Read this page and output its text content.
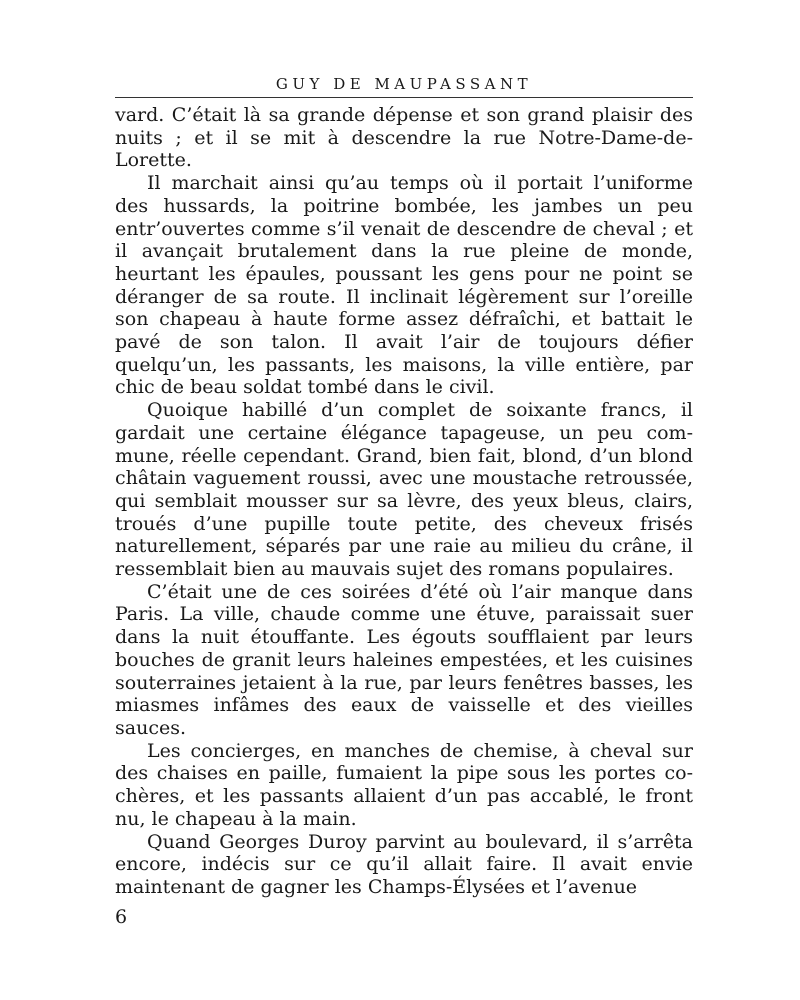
GUY DE MAUPASSANT

vard. C’était là sa grande dépense et son grand plaisir des nuits ; et il se mit à descendre la rue Notre-Dame-de-Lorette.

Il marchait ainsi qu’au temps où il portait l’uniforme des hussards, la poitrine bombée, les jambes un peu entr’ouvertes comme s’il venait de descendre de cheval ; et il avançait brutalement dans la rue pleine de monde, heurtant les épaules, poussant les gens pour ne point se déranger de sa route. Il inclinait légèrement sur l’oreille son chapeau à haute forme assez défraîchi, et battait le pavé de son talon. Il avait l’air de toujours défier quelqu’un, les passants, les maisons, la ville entière, par chic de beau soldat tombé dans le civil.

Quoique habillé d’un complet de soixante francs, il gardait une certaine élégance tapageuse, un peu commune, réelle cependant. Grand, bien fait, blond, d’un blond châtain vaguement roussi, avec une moustache retroussée, qui semblait mousser sur sa lèvre, des yeux bleus, clairs, troués d’une pupille toute petite, des cheveux frisés naturellement, séparés par une raie au milieu du crâne, il ressemblait bien au mauvais sujet des romans populaires.

C’était une de ces soirées d’été où l’air manque dans Paris. La ville, chaude comme une étuve, paraissait suer dans la nuit étouffante. Les égouts soufflaient par leurs bouches de granit leurs haleines empestées, et les cuisines souterraines jetaient à la rue, par leurs fenêtres basses, les miasmes infâmes des eaux de vaisselle et des vieilles sauces.

Les concierges, en manches de chemise, à cheval sur des chaises en paille, fumaient la pipe sous les portes cochères, et les passants allaient d’un pas accablé, le front nu, le chapeau à la main.

Quand Georges Duroy parvint au boulevard, il s’arrêta encore, indécis sur ce qu’il allait faire. Il avait envie maintenant de gagner les Champs-Élysées et l’avenue

6
